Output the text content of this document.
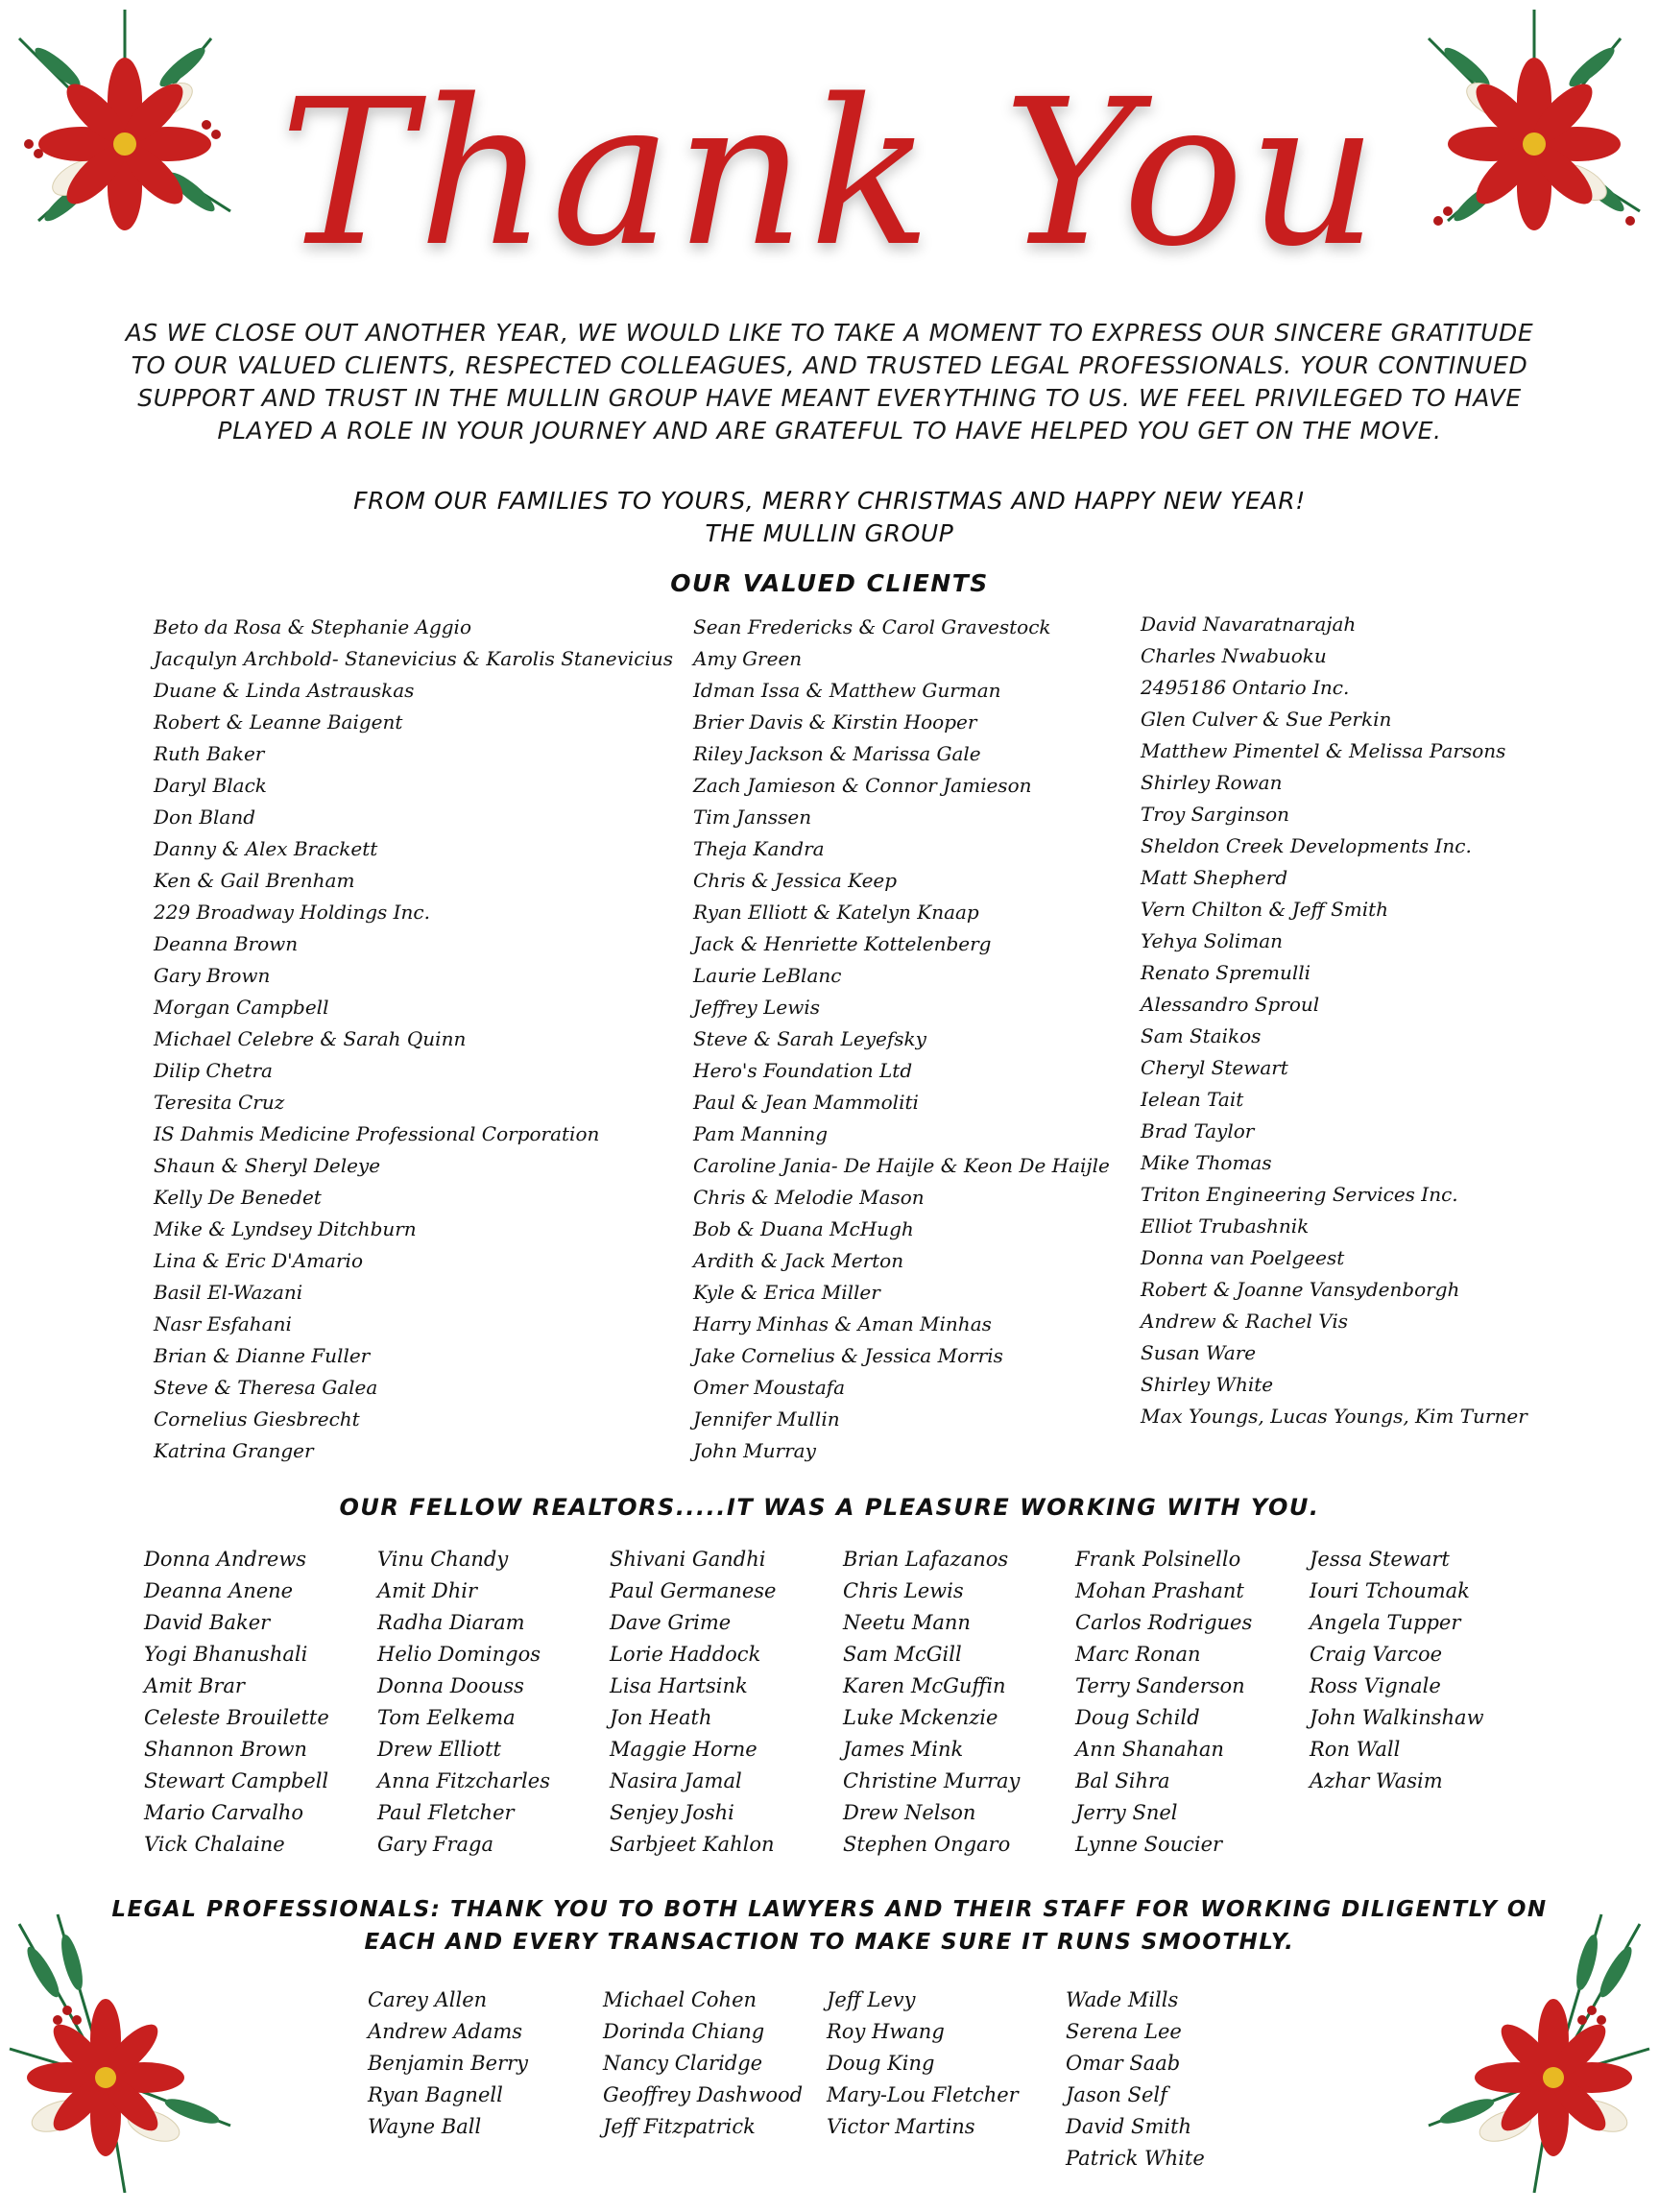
Thank You
AS WE CLOSE OUT ANOTHER YEAR, WE WOULD LIKE TO TAKE A MOMENT TO EXPRESS OUR SINCERE GRATITUDE TO OUR VALUED CLIENTS, RESPECTED COLLEAGUES, AND TRUSTED LEGAL PROFESSIONALS. YOUR CONTINUED SUPPORT AND TRUST IN THE MULLIN GROUP HAVE MEANT EVERYTHING TO US. WE FEEL PRIVILEGED TO HAVE PLAYED A ROLE IN YOUR JOURNEY AND ARE GRATEFUL TO HAVE HELPED YOU GET ON THE MOVE.
FROM OUR FAMILIES TO YOURS, MERRY CHRISTMAS AND HAPPY NEW YEAR!
THE MULLIN GROUP
OUR VALUED CLIENTS
Beto da Rosa & Stephanie Aggio
Jacqulyn Archbold- Stanevicius & Karolis Stanevicius
Duane & Linda Astrauskas
Robert & Leanne Baigent
Ruth Baker
Daryl Black
Don Bland
Danny & Alex Brackett
Ken & Gail Brenham
229 Broadway Holdings Inc.
Deanna Brown
Gary Brown
Morgan Campbell
Michael Celebre & Sarah Quinn
Dilip Chetra
Teresita Cruz
IS Dahmis Medicine Professional Corporation
Shaun & Sheryl Deleye
Kelly De Benedet
Mike & Lyndsey Ditchburn
Lina & Eric D'Amario
Basil El-Wazani
Nasr Esfahani
Brian & Dianne Fuller
Steve & Theresa Galea
Cornelius Giesbrecht
Katrina Granger
Sean Fredericks & Carol Gravestock
Amy Green
Idman Issa & Matthew Gurman
Brier Davis & Kirstin Hooper
Riley Jackson & Marissa Gale
Zach Jamieson & Connor Jamieson
Tim Janssen
Theja Kandra
Chris & Jessica Keep
Ryan Elliott & Katelyn Knaap
Jack & Henriette Kottelenberg
Laurie LeBlanc
Jeffrey Lewis
Steve & Sarah Leyefsky
Hero's Foundation Ltd
Paul & Jean Mammoliti
Pam Manning
Caroline Jania- De Haijle & Keon De Haijle
Chris & Melodie Mason
Bob & Duana McHugh
Ardith & Jack Merton
Kyle & Erica Miller
Harry Minhas & Aman Minhas
Jake Cornelius & Jessica Morris
Omer Moustafa
Jennifer Mullin
John Murray
David Navaratnarajah
Charles Nwabuoku
2495186 Ontario Inc.
Glen Culver & Sue Perkin
Matthew Pimentel & Melissa Parsons
Shirley Rowan
Troy Sarginson
Sheldon Creek Developments Inc.
Matt Shepherd
Vern Chilton & Jeff Smith
Yehya Soliman
Renato Spremulli
Alessandro Sproul
Sam Staikos
Cheryl Stewart
Ielean Tait
Brad Taylor
Mike Thomas
Triton Engineering Services Inc.
Elliot Trubashnik
Donna van Poelgeest
Robert & Joanne Vansydenborgh
Andrew & Rachel Vis
Susan Ware
Shirley White
Max Youngs, Lucas Youngs, Kim Turner
OUR FELLOW REALTORS.....IT WAS A PLEASURE WORKING WITH YOU.
Donna Andrews
Deanna Anene
David Baker
Yogi Bhanushali
Amit Brar
Celeste Brouilette
Shannon Brown
Stewart Campbell
Mario Carvalho
Vick Chalaine
Vinu Chandy
Amit Dhir
Radha Diaram
Helio Domingos
Donna Doouss
Tom Eelkema
Drew Elliott
Anna Fitzcharles
Paul Fletcher
Gary Fraga
Shivani Gandhi
Paul Germanese
Dave Grime
Lorie Haddock
Lisa Hartsink
Jon Heath
Maggie Horne
Nasira Jamal
Senjey Joshi
Sarbjeet Kahlon
Brian Lafazanos
Chris Lewis
Neetu Mann
Sam McGill
Karen McGuffin
Luke Mckenzie
James Mink
Christine Murray
Drew Nelson
Stephen Ongaro
Frank Polsinello
Mohan Prashant
Carlos Rodrigues
Marc Ronan
Terry Sanderson
Doug Schild
Ann Shanahan
Bal Sihra
Jerry Snel
Lynne Soucier
Jessa Stewart
Iouri Tchoumak
Angela Tupper
Craig Varcoe
Ross Vignale
John Walkinshaw
Ron Wall
Azhar Wasim
LEGAL PROFESSIONALS: THANK YOU TO BOTH LAWYERS AND THEIR STAFF FOR WORKING DILIGENTLY ON
EACH AND EVERY TRANSACTION TO MAKE SURE IT RUNS SMOOTHLY.
Carey Allen
Andrew Adams
Benjamin Berry
Ryan Bagnell
Wayne Ball
Michael Cohen
Dorinda Chiang
Nancy Claridge
Geoffrey Dashwood
Jeff Fitzpatrick
Jeff Levy
Roy Hwang
Doug King
Mary-Lou Fletcher
Victor Martins
Wade Mills
Serena Lee
Omar Saab
Jason Self
David Smith
Patrick White
